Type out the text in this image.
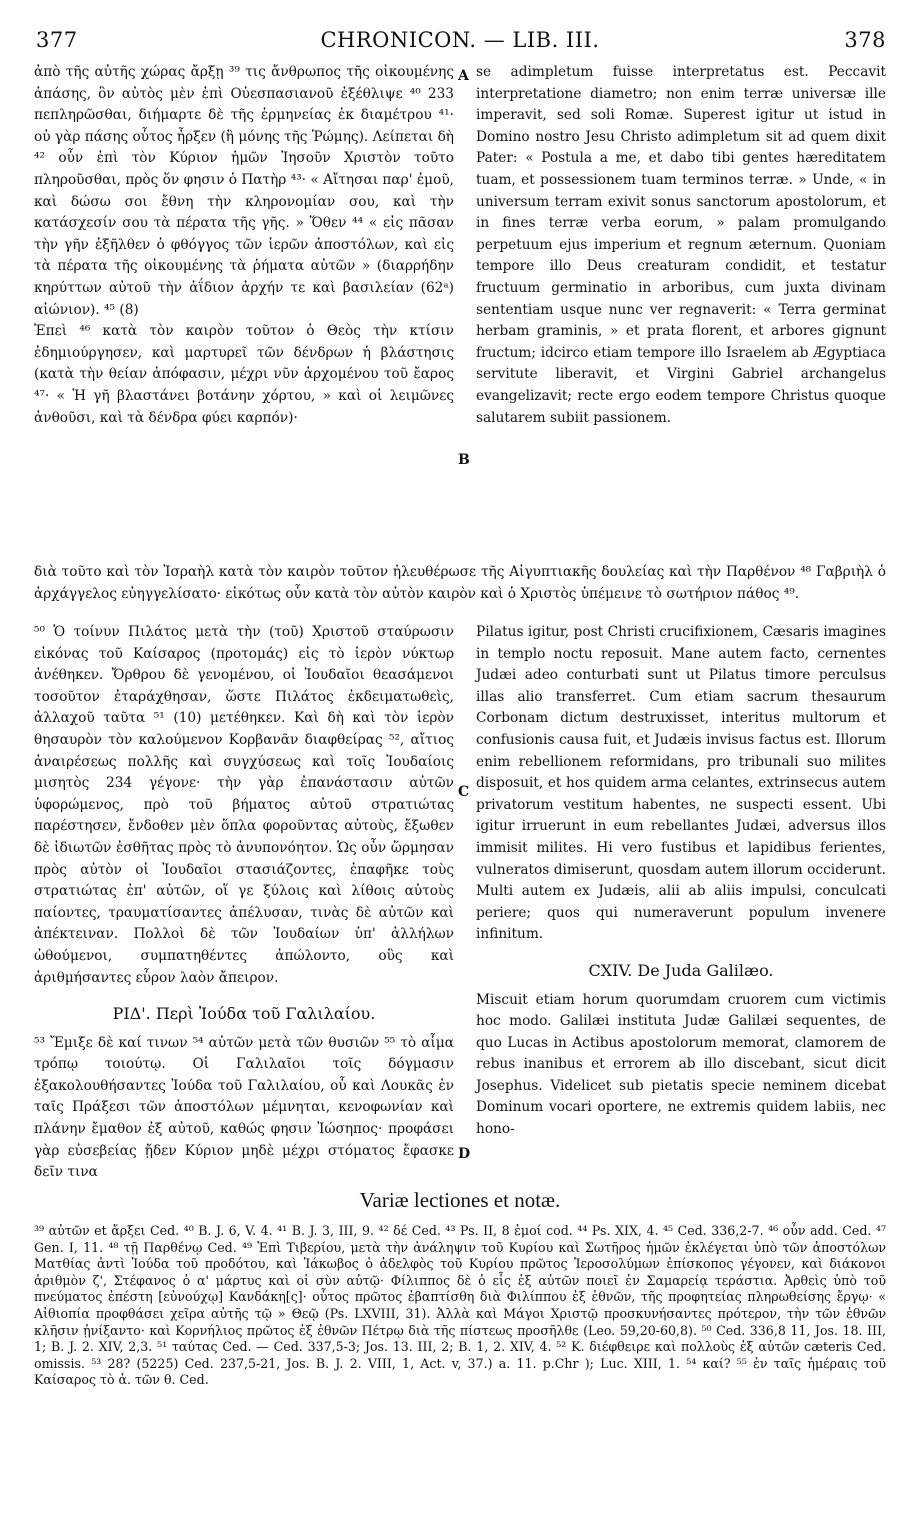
377	CHRONICON. — LIB. III.	378
A
B
C
D

ἀπὸ τῆς αὐτῆς χώρας ἄρξῃ ³⁹ τις ἄνθρωπος τῆς οἰκουμένης ἁπάσης, ὃν αὐτὸς μὲν ἐπὶ Οὐεσπασιανοῦ ἐξέθλιψε ⁴⁰ 233 πεπληρῶσθαι, διήμαρτε δὲ τῆς ἑρμηνείας ἐκ διαμέτρου ⁴¹· οὐ γὰρ πάσης οὗτος ἦρξεν (ἢ μόνης τῆς Ῥώμης). Λείπεται δὴ ⁴² οὖν ἐπὶ τὸν Κύριον ἡμῶν Ἰησοῦν Χριστὸν τοῦτο πληροῦσθαι, πρὸς ὅν φησιν ὁ Πατὴρ ⁴³· « Αἴτησαι παρ' ἐμοῦ, καὶ δώσω σοι ἔθνη τὴν κληρονομίαν σου, καὶ τὴν κατάσχεσίν σου τὰ πέρατα τῆς γῆς. » Ὅθεν ⁴⁴ « εἰς πᾶσαν τὴν γῆν ἐξῆλθεν ὁ φθόγγος τῶν ἱερῶν ἀποστόλων, καὶ εἰς τὰ πέρατα τῆς οἰκουμένης τὰ ῥήματα αὐτῶν » (διαρρήδην κηρύττων αὐτοῦ τὴν ἀΐδιον ἀρχήν τε καὶ βασιλείαν (62ᵃ) αἰώνιον). ⁴⁵ (8)

Ἐπεὶ ⁴⁶ κατὰ τὸν καιρὸν τοῦτον ὁ Θεὸς τὴν κτίσιν ἐδημιούργησεν, καὶ μαρτυρεῖ τῶν δένδρων ἡ βλάστησις (κατὰ τὴν θείαν ἀπόφασιν, μέχρι νῦν ἀρχομένου τοῦ ἔαρος ⁴⁷· « Ἡ γῆ βλαστάνει βοτάνην χόρτου, » καὶ οἱ λειμῶνες ἀνθοῦσι, καὶ τὰ δένδρα φύει καρπόν)·

se adimpletum fuisse interpretatus est. Peccavit interpretatione diametro; non enim terræ universæ ille imperavit, sed soli Romæ. Superest igitur ut istud in Domino nostro Jesu Christo adimpletum sit ad quem dixit Pater: « Postula a me, et dabo tibi gentes hæreditatem tuam, et possessionem tuam terminos terræ. » Unde, « in universum terram exivit sonus sanctorum apostolorum, et in fines terræ verba eorum, » palam promulgando perpetuum ejus imperium et regnum æternum. Quoniam tempore illo Deus creaturam condidit, et testatur fructuum germinatio in arboribus, cum juxta divinam sententiam usque nunc ver regnaverit: « Terra germinat herbam graminis, » et prata florent, et arbores gignunt fructum; idcirco etiam tempore illo Israelem ab Ægyptiaca servitute liberavit, et Virgini Gabriel archangelus evangelizavit; recte ergo eodem tempore Christus quoque salutarem subiit passionem.

διὰ τοῦτο καὶ τὸν Ἰσραὴλ κατὰ τὸν καιρὸν τοῦτον ἠλευθέρωσε τῆς Αἰγυπτιακῆς δουλείας καὶ τὴν Παρθένον ⁴⁸ Γαβριὴλ ὁ ἀρχάγγελος εὐηγγελίσατο· εἰκότως οὖν κατὰ τὸν αὐτὸν καιρὸν καὶ ὁ Χριστὸς ὑπέμεινε τὸ σωτήριον πάθος ⁴⁹.

⁵⁰ Ὁ τοίνυν Πιλάτος μετὰ τὴν (τοῦ) Χριστοῦ σταύρωσιν εἰκόνας τοῦ Καίσαρος (προτομάς) εἰς τὸ ἱερὸν νύκτωρ ἀνέθηκεν. Ὄρθρου δὲ γενομένου, οἱ Ἰουδαῖοι θεασάμενοι τοσοῦτον ἐταράχθησαν, ὥστε Πιλάτος ἐκδειματωθεὶς, ἀλλαχοῦ ταῦτα ⁵¹ (10) μετέθηκεν. Καὶ δὴ καὶ τὸν ἱερὸν θησαυρὸν τὸν καλούμενον Κορβανᾶν διαφθείρας ⁵², αἴτιος ἀναιρέσεως πολλῆς καὶ συγχύσεως καὶ τοῖς Ἰουδαίοις μισητὸς 234 γέγονε· τὴν γὰρ ἐπανάστασιν αὐτῶν ὑφορώμενος, πρὸ τοῦ βήματος αὐτοῦ στρατιώτας παρέστησεν, ἔνδοθεν μὲν ὅπλα φοροῦντας αὐτοὺς, ἔξωθεν δὲ ἰδιωτῶν ἐσθῆτας πρὸς τὸ ἀνυπονόητον. Ὡς οὖν ὥρμησαν πρὸς αὐτὸν οἱ Ἰουδαῖοι στασιάζοντες, ἐπαφῆκε τοὺς στρατιώτας ἐπ' αὐτῶν, οἵ γε ξύλοις καὶ λίθοις αὐτοὺς παίοντες, τραυματίσαντες ἀπέλυσαν, τινὰς δὲ αὐτῶν καὶ ἀπέκτειναν. Πολλοὶ δὲ τῶν Ἰουδαίων ὑπ' ἀλλήλων ὠθούμενοι, συμπατηθέντες ἀπώλοντο, οὓς καὶ ἀριθμήσαντες εὗρον λαὸν ἄπειρον.

ΡΙΔ'. Περὶ Ἰούδα τοῦ Γαλιλαίου.

⁵³ Ἔμιξε δὲ καί τινων ⁵⁴ αὐτῶν μετὰ τῶν θυσιῶν ⁵⁵ τὸ αἷμα τρόπῳ τοιούτῳ. Οἱ Γαλιλαῖοι τοῖς δόγμασιν ἐξακολουθήσαντες Ἰούδα τοῦ Γαλιλαίου, οὗ καὶ Λουκᾶς ἐν ταῖς Πράξεσι τῶν ἀποστόλων μέμνηται, κενοφωνίαν καὶ πλάνην ἔμαθον ἐξ αὐτοῦ, καθώς φησιν Ἰώσηπος· προφάσει γὰρ εὐσεβείας ᾔδεν Κύριον μηδὲ μέχρι στόματος ἔφασκε δεῖν τινα

Pilatus igitur, post Christi crucifixionem, Cæsaris imagines in templo noctu reposuit. Mane autem facto, cernentes Judæi adeo conturbati sunt ut Pilatus timore perculsus illas alio transferret. Cum etiam sacrum thesaurum Corbonam dictum destruxisset, interitus multorum et confusionis causa fuit, et Judæis invisus factus est. Illorum enim rebellionem reformidans, pro tribunali suo milites disposuit, et hos quidem arma celantes, extrinsecus autem privatorum vestitum habentes, ne suspecti essent. Ubi igitur irruerunt in eum rebellantes Judæi, adversus illos immisit milites. Hi vero fustibus et lapidibus ferientes, vulneratos dimiserunt, quosdam autem illorum occiderunt. Multi autem ex Judæis, alii ab aliis impulsi, conculcati periere; quos qui numeraverunt populum invenere infinitum.

CXIV. De Juda Galilæo.

Miscuit etiam horum quorumdam cruorem cum victimis hoc modo. Galilæi instituta Judæ Galilæi sequentes, de quo Lucas in Actibus apostolorum memorat, clamorem de rebus inanibus et errorem ab illo discebant, sicut dicit Josephus. Videlicet sub pietatis specie neminem dicebat Dominum vocari oportere, ne extremis quidem labiis, nec hono-

Variæ lectiones et notæ.
³⁹ αὐτῶν et ἄρξει Ced. ⁴⁰ B. J. 6, V. 4. ⁴¹ B. J. 3, III, 9. ⁴² δέ Ced. ⁴³ Ps. II, 8 ἐμοί cod. ⁴⁴ Ps. XIX, 4. ⁴⁵ Ced. 336,2-7. ⁴⁶ οὖν add. Ced. ⁴⁷ Gen. I, 11. ⁴⁸ τῇ Παρθένῳ Ced. ⁴⁹ Ἐπὶ Τιβερίου, μετὰ τὴν ἀνάληψιν τοῦ Κυρίου καὶ Σωτῆρος ἡμῶν ἐκλέγεται ὑπὸ τῶν ἀποστόλων Ματθίας ἀντὶ Ἰούδα τοῦ προδότου, καὶ Ἰάκωβος ὁ ἀδελφὸς τοῦ Κυρίου πρῶτος Ἱεροσολύμων ἐπίσκοπος γέγονεν, καὶ διάκονοι ἀριθμὸν ζ', Στέφανος ὁ α' μάρτυς καὶ οἱ σὺν αὐτῷ· Φίλιππος δὲ ὁ εἷς ἐξ αὐτῶν ποιεῖ ἐν Σαμαρείᾳ τεράστια. Ἀρθεὶς ὑπὸ τοῦ πνεύματος ἐπέστη [εὐνούχῳ] Κανδάκη[ς]· οὗτος πρῶτος ἐβαπτίσθη διὰ Φιλίππου ἐξ ἐθνῶν, τῆς προφητείας πληρωθείσης ἔργῳ· « Αἰθιοπία προφθάσει χεῖρα αὐτῆς τῷ » Θεῷ (Ps. LXVIII, 31). Ἀλλὰ καὶ Μάγοι Χριστῷ προσκυνήσαντες πρότερον, τὴν τῶν ἐθνῶν κλῆσιν ᾐνίξαντο· καὶ Κορνήλιος πρῶτος ἐξ ἐθνῶν Πέτρῳ διὰ τῆς πίστεως προσῆλθε (Leo. 59,20-60,8). ⁵⁰ Ced. 336,8 11, Jos. 18. III, 1; B. J. 2. XIV, 2,3. ⁵¹ ταύτας Ced. — Ced. 337,5-3; Jos. 13. III, 2; B. 1, 2. XIV, 4. ⁵² Κ. διέφθειρε καὶ πολλοὺς ἐξ αὐτῶν cæteris Ced. omissis. ⁵³ 28? (5225) Ced. 237,5-21, Jos. B. J. 2. VIII, 1, Act. v, 37.) a. 11. p.Chr ); Luc. XIII, 1. ⁵⁴ καί? ⁵⁵ ἐν ταῖς ἡμέραις τοῦ Καίσαρος τὸ ἀ. τῶν θ. Ced.
